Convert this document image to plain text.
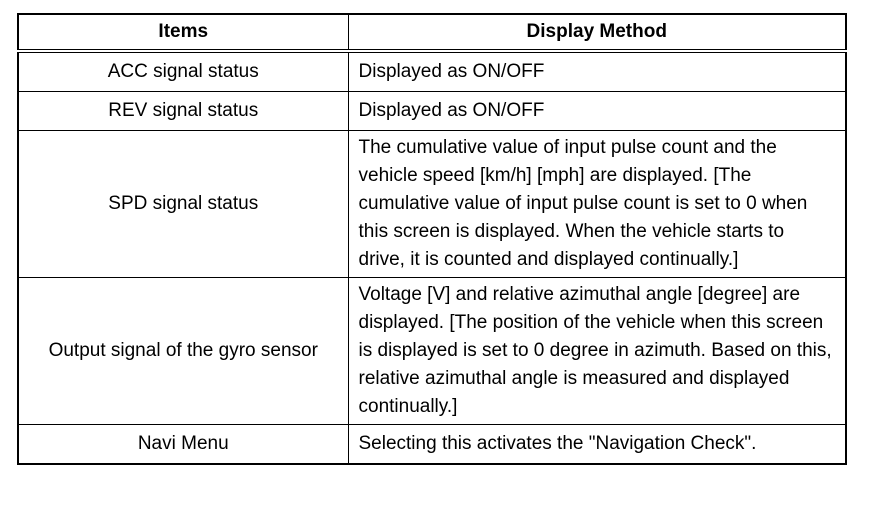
Items	Display Method
ACC signal status	Displayed as ON/OFF
REV signal status	Displayed as ON/OFF
SPD signal status	The cumulative value of input pulse count and the vehicle speed [km/h] [mph] are displayed. [The cumulative value of input pulse count is set to 0 when this screen is displayed. When the vehicle starts to drive, it is counted and displayed continually.]
Output signal of the gyro sensor	Voltage [V] and relative azimuthal angle [degree] are displayed. [The position of the vehicle when this screen is displayed is set to 0 degree in azimuth. Based on this, relative azimuthal angle is measured and displayed continually.]
Navi Menu	Selecting this activates the "Navigation Check".
